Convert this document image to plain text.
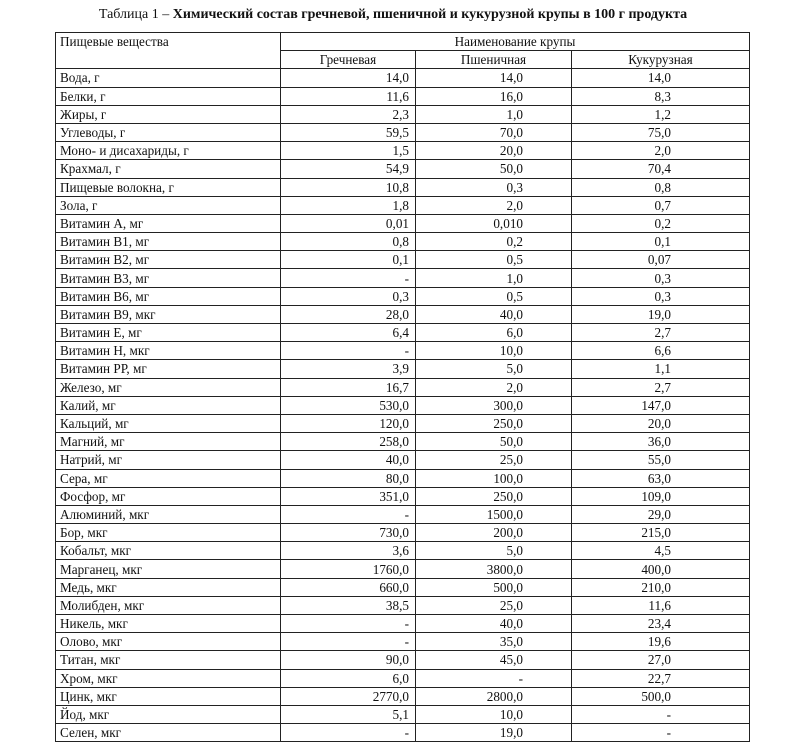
Таблица 1 – Химический состав гречневой, пшеничной и кукурузной крупы в 100 г продукта
Пищевые вещества	Наименование крупы		
	Гречневая	Пшеничная	Кукурузная
Вода, г	14,0	14,0	14,0
Белки, г	11,6	16,0	8,3
Жиры, г	2,3	1,0	1,2
Углеводы, г	59,5	70,0	75,0
Моно- и дисахариды, г	1,5	20,0	2,0
Крахмал, г	54,9	50,0	70,4
Пищевые волокна, г	10,8	0,3	0,8
Зола, г	1,8	2,0	0,7
Витамин А, мг	0,01	0,010	0,2
Витамин В1, мг	0,8	0,2	0,1
Витамин В2, мг	0,1	0,5	0,07
Витамин В3, мг	-	1,0	0,3
Витамин В6, мг	0,3	0,5	0,3
Витамин В9, мкг	28,0	40,0	19,0
Витамин Е, мг	6,4	6,0	2,7
Витамин Н, мкг	-	10,0	6,6
Витамин РР, мг	3,9	5,0	1,1
Железо, мг	16,7	2,0	2,7
Калий, мг	530,0	300,0	147,0
Кальций, мг	120,0	250,0	20,0
Магний, мг	258,0	50,0	36,0
Натрий, мг	40,0	25,0	55,0
Сера, мг	80,0	100,0	63,0
Фосфор, мг	351,0	250,0	109,0
Алюминий, мкг	-	1500,0	29,0
Бор, мкг	730,0	200,0	215,0
Кобальт, мкг	3,6	5,0	4,5
Марганец, мкг	1760,0	3800,0	400,0
Медь, мкг	660,0	500,0	210,0
Молибден, мкг	38,5	25,0	11,6
Никель, мкг	-	40,0	23,4
Олово, мкг	-	35,0	19,6
Титан, мкг	90,0	45,0	27,0
Хром, мкг	6,0	-	22,7
Цинк, мкг	2770,0	2800,0	500,0
Йод, мкг	5,1	10,0	-
Селен, мкг	-	19,0	-
